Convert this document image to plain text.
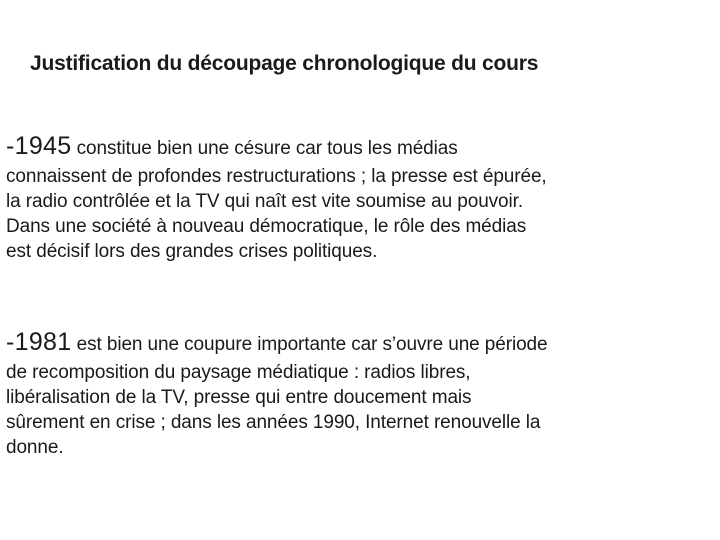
Justification du découpage chronologique du cours

-1945 constitue bien une césure car tous les médias
connaissent de profondes restructurations ; la presse est épurée,
la radio contrôlée et la TV qui naît est vite soumise au pouvoir.
Dans une société à nouveau démocratique, le rôle des médias
est décisif lors des grandes crises politiques.

-1981 est bien une coupure importante car s’ouvre une période
de recomposition du paysage médiatique : radios libres,
libéralisation de la TV, presse qui entre doucement mais
sûrement en crise ; dans les années 1990, Internet renouvelle la
donne.
